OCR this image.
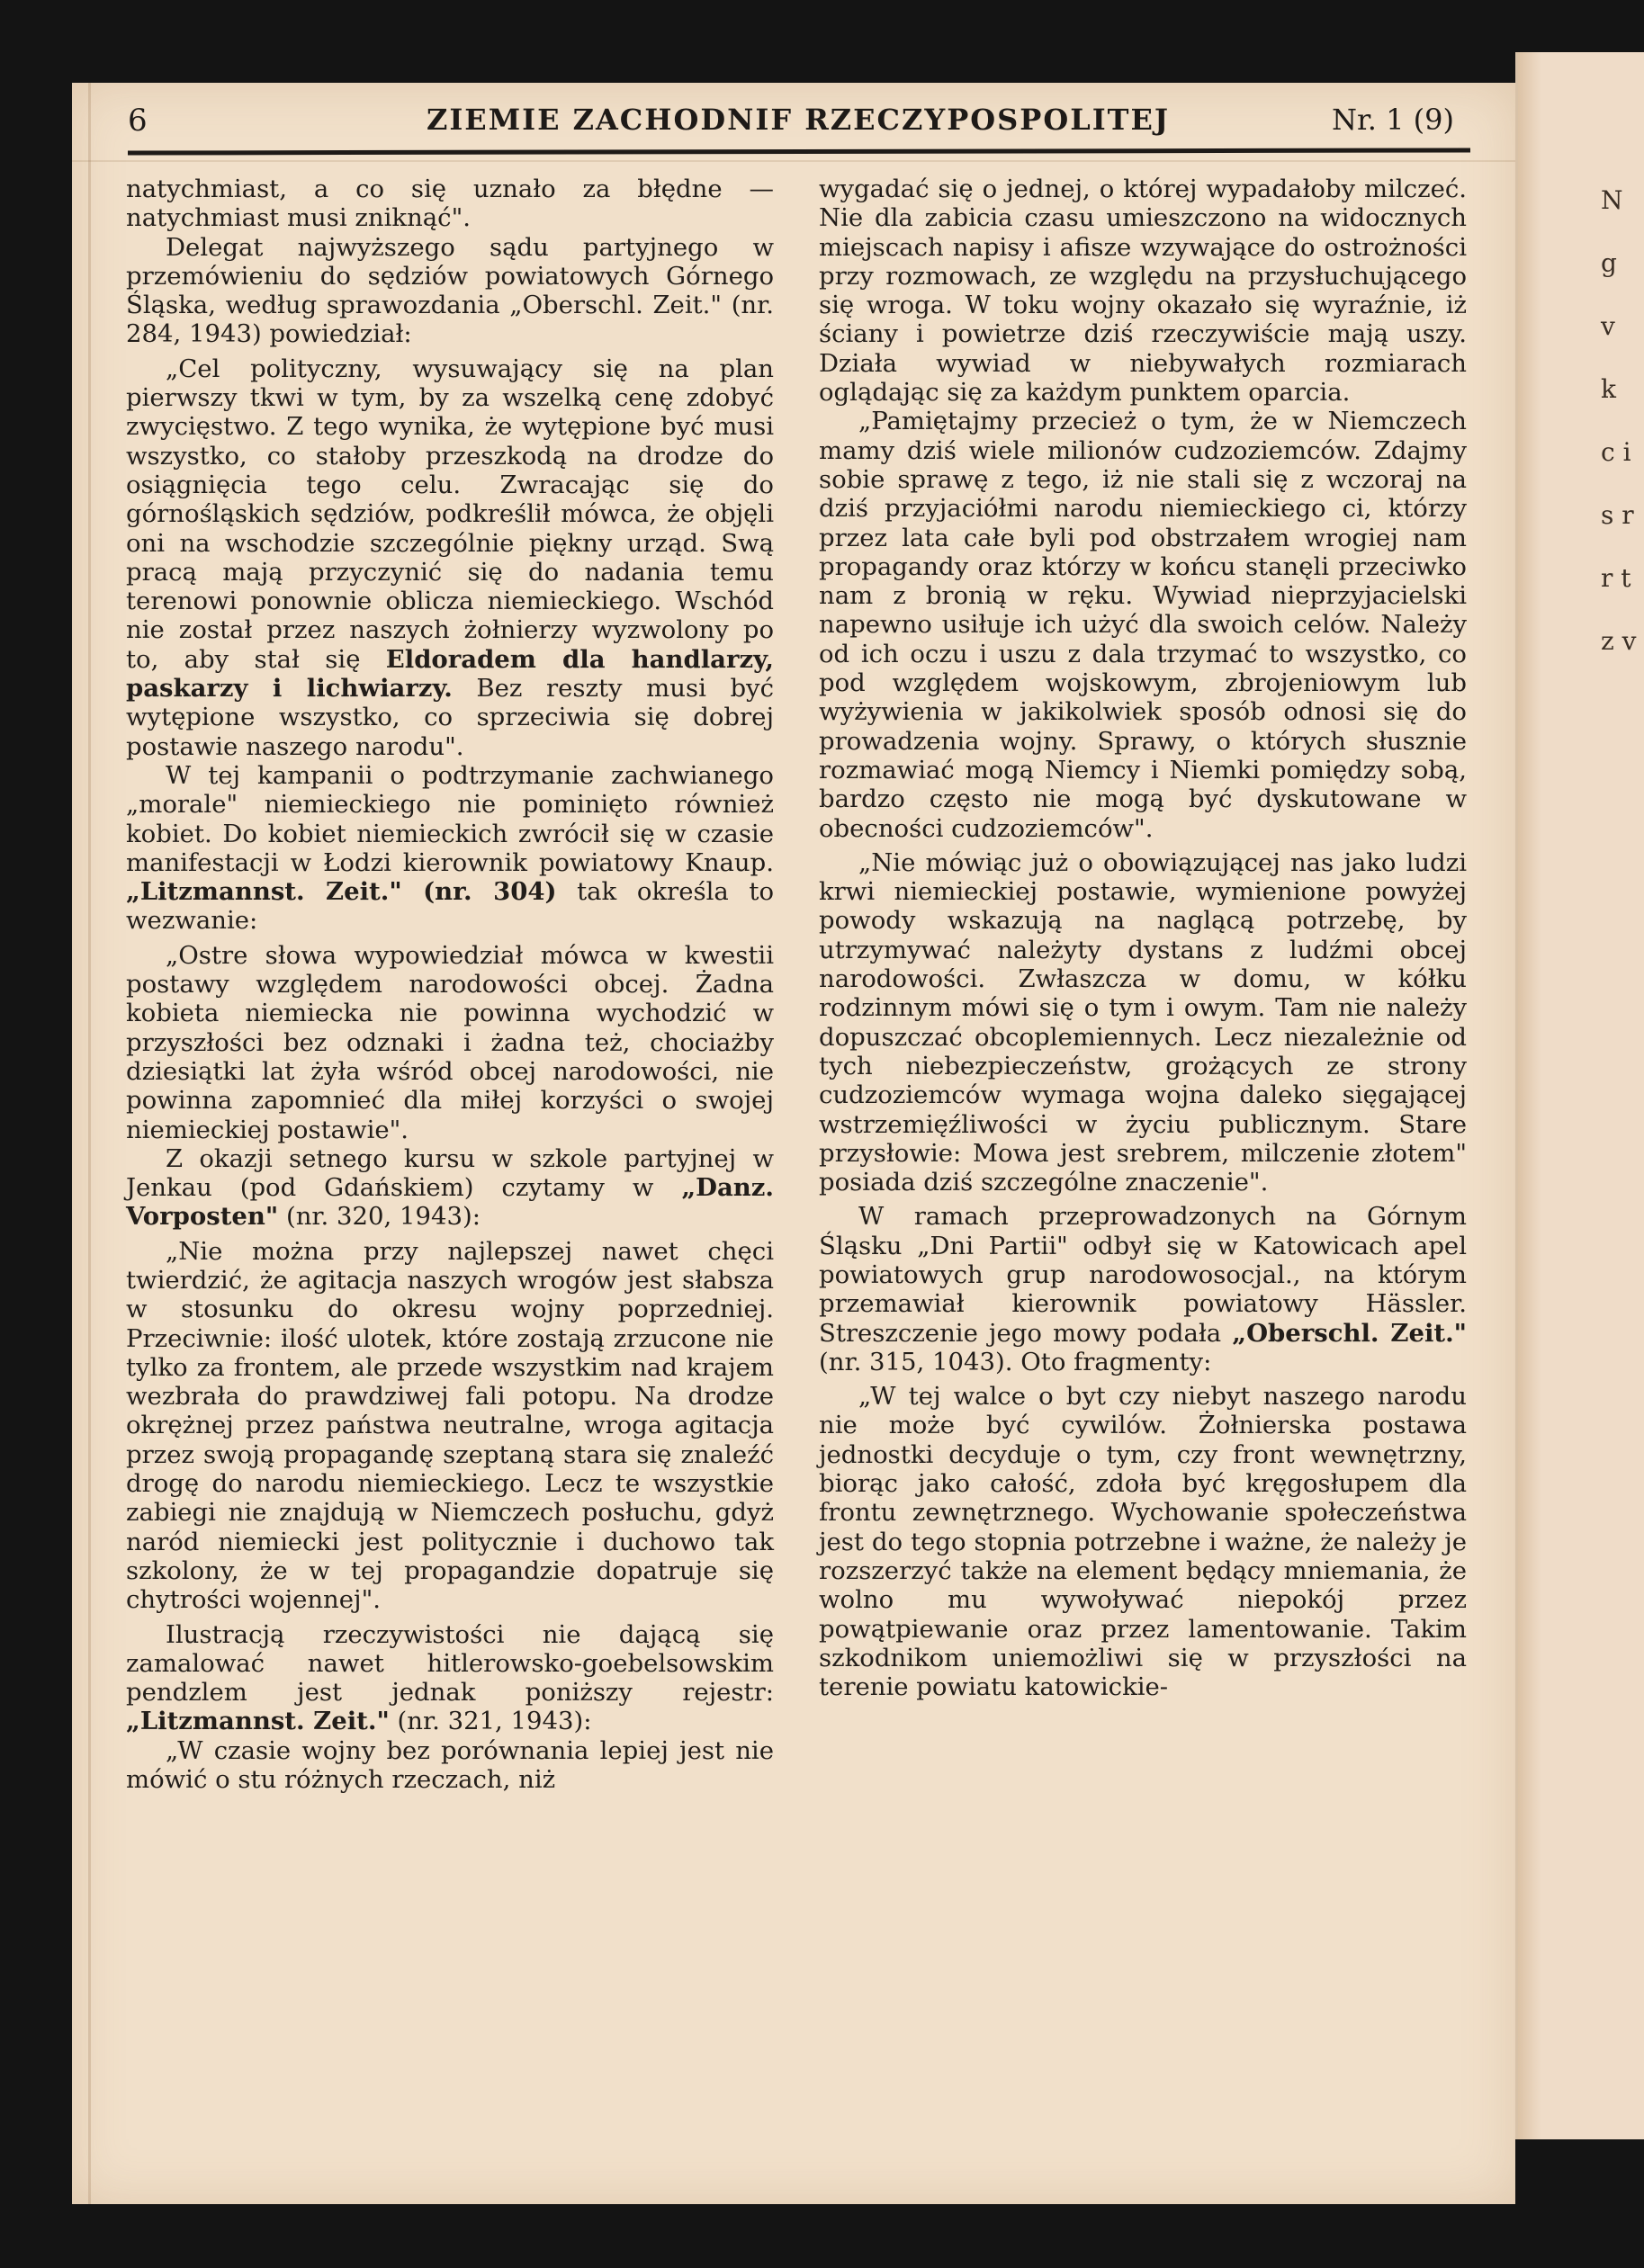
N g v k c i s r r t z v
6	ZIEMIE ZACHODNIF RZECZYPOSPOLITEJ	Nr. 1 (9)

natychmiast, a co się uznało za błędne — natychmiast musi zniknąć".

Delegat najwyższego sądu partyjnego w przemówieniu do sędziów powiatowych Górnego Śląska, według sprawozdania „Oberschl. Zeit." (nr. 284, 1943) powiedział:

„Cel polityczny, wysuwający się na plan pierwszy tkwi w tym, by za wszelką cenę zdobyć zwycięstwo. Z tego wynika, że wytępione być musi wszystko, co stałoby przeszkodą na drodze do osiągnięcia tego celu. Zwracając się do górnośląskich sędziów, podkreślił mówca, że objęli oni na wschodzie szczególnie piękny urząd. Swą pracą mają przyczynić się do nadania temu terenowi ponownie oblicza niemieckiego. Wschód nie został przez naszych żołnierzy wyzwolony po to, aby stał się Eldoradem dla handlarzy, paskarzy i lichwiarzy. Bez reszty musi być wytępione wszystko, co sprzeciwia się dobrej postawie naszego narodu".

W tej kampanii o podtrzymanie zachwianego „morale" niemieckiego nie pominięto również kobiet. Do kobiet niemieckich zwrócił się w czasie manifestacji w Łodzi kierownik powiatowy Knaup. „Litzmannst. Zeit." (nr. 304) tak określa to wezwanie:

„Ostre słowa wypowiedział mówca w kwestii postawy względem narodowości obcej. Żadna kobieta niemiecka nie powinna wychodzić w przyszłości bez odznaki i żadna też, chociażby dziesiątki lat żyła wśród obcej narodowości, nie powinna zapomnieć dla miłej korzyści o swojej niemieckiej postawie".

Z okazji setnego kursu w szkole partyjnej w Jenkau (pod Gdańskiem) czytamy w „Danz. Vorposten" (nr. 320, 1943):

„Nie można przy najlepszej nawet chęci twierdzić, że agitacja naszych wrogów jest słabsza w stosunku do okresu wojny poprzedniej. Przeciwnie: ilość ulotek, które zostają zrzucone nie tylko za frontem, ale przede wszystkim nad krajem wezbrała do prawdziwej fali potopu. Na drodze okrężnej przez państwa neutralne, wroga agitacja przez swoją propagandę szeptaną stara się znaleźć drogę do narodu niemieckiego. Lecz te wszystkie zabiegi nie znajdują w Niemczech posłuchu, gdyż naród niemiecki jest politycznie i duchowo tak szkolony, że w tej propagandzie dopatruje się chytrości wojennej".

Ilustracją rzeczywistości nie dającą się zamalować nawet hitlerowsko-goebelsowskim pendzlem jest jednak poniższy rejestr: „Litzmannst. Zeit." (nr. 321, 1943):

„W czasie wojny bez porównania lepiej jest nie mówić o stu różnych rzeczach, niż

wygadać się o jednej, o której wypadałoby milczeć. Nie dla zabicia czasu umieszczono na widocznych miejscach napisy i afisze wzywające do ostrożności przy rozmowach, ze względu na przysłuchującego się wroga. W toku wojny okazało się wyraźnie, iż ściany i powietrze dziś rzeczywiście mają uszy. Działa wywiad w niebywałych rozmiarach oglądając się za każdym punktem oparcia.

„Pamiętajmy przecież o tym, że w Niemczech mamy dziś wiele milionów cudzoziemców. Zdajmy sobie sprawę z tego, iż nie stali się z wczoraj na dziś przyjaciółmi narodu niemieckiego ci, którzy przez lata całe byli pod obstrzałem wrogiej nam propagandy oraz którzy w końcu stanęli przeciwko nam z bronią w ręku. Wywiad nieprzyjacielski napewno usiłuje ich użyć dla swoich celów. Należy od ich oczu i uszu z dala trzymać to wszystko, co pod względem wojskowym, zbrojeniowym lub wyżywienia w jakikolwiek sposób odnosi się do prowadzenia wojny. Sprawy, o których słusznie rozmawiać mogą Niemcy i Niemki pomiędzy sobą, bardzo często nie mogą być dyskutowane w obecności cudzoziemców".

„Nie mówiąc już o obowiązującej nas jako ludzi krwi niemieckiej postawie, wymienione powyżej powody wskazują na naglącą potrzebę, by utrzymywać należyty dystans z ludźmi obcej narodowości. Zwłaszcza w domu, w kółku rodzinnym mówi się o tym i owym. Tam nie należy dopuszczać obcoplemiennych. Lecz niezależnie od tych niebezpieczeństw, grożących ze strony cudzoziemców wymaga wojna daleko sięgającej wstrzemięźliwości w życiu publicznym. Stare przysłowie: Mowa jest srebrem, milczenie złotem" posiada dziś szczególne znaczenie".

W ramach przeprowadzonych na Górnym Śląsku „Dni Partii" odbył się w Katowicach apel powiatowych grup narodowosocjal., na którym przemawiał kierownik powiatowy Hässler. Streszczenie jego mowy podała „Oberschl. Zeit." (nr. 315, 1043). Oto fragmenty:

„W tej walce o byt czy niebyt naszego narodu nie może być cywilów. Żołnierska postawa jednostki decyduje o tym, czy front wewnętrzny, biorąc jako całość, zdoła być kręgosłupem dla frontu zewnętrznego. Wychowanie społeczeństwa jest do tego stopnia potrzebne i ważne, że należy je rozszerzyć także na element będący mniemania, że wolno mu wywoływać niepokój przez powątpiewanie oraz przez lamentowanie. Takim szkodnikom uniemożliwi się w przyszłości na terenie powiatu katowickie-
